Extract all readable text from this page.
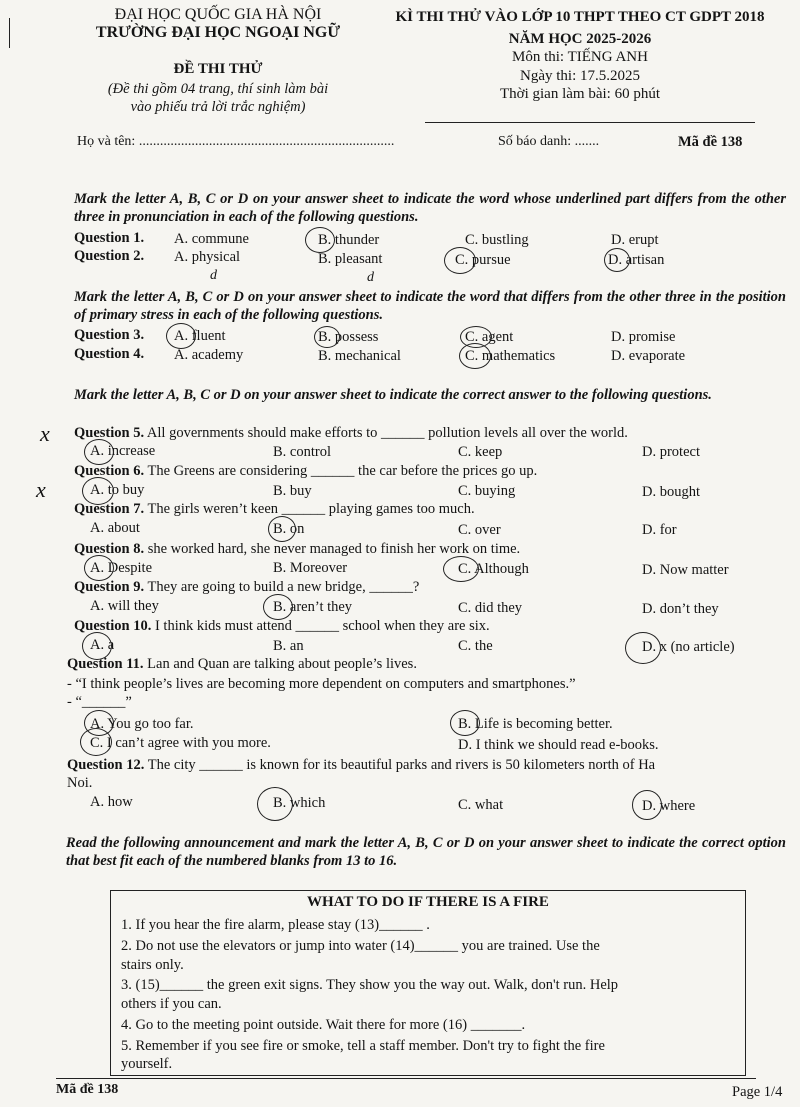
ĐẠI HỌC QUỐC GIA HÀ NỘI
TRƯỜNG ĐẠI HỌC NGOẠI NGỮ
ĐỀ THI THỬ
(Đề thi gồm 04 trang, thí sinh làm bài
vào phiếu trả lời trắc nghiệm)
KÌ THI THỬ VÀO LỚP 10 THPT THEO CT GDPT 2018
NĂM HỌC 2025-2026
Môn thi: TIẾNG ANH
Ngày thi: 17.5.2025
Thời gian làm bài: 60 phút
Họ và tên: .........................................................................	Số báo danh: .......	Mã đề 138
Mark the letter A, B, C or D on your answer sheet to indicate the word whose underlined part differs from the other three in pronunciation in each of the following questions.
Question 1. A. commune	B. thunder	C. bustling	D. erupt
Question 2. A. physical	B. pleasant	C. pursue	D. artisan
d	d
Mark the letter A, B, C or D on your answer sheet to indicate the word that differs from the other three in the position of primary stress in each of the following questions.
Question 3. A. fluent	B. possess	C. agent	D. promise
Question 4. A. academy	B. mechanical	C. mathematics	D. evaporate
Mark the letter A, B, C or D on your answer sheet to indicate the correct answer to the following questions.
x Question 5. All governments should make efforts to ______ pollution levels all over the world.
A. increase	B. control	C. keep	D. protect
x
Question 6. The Greens are considering ______ the car before the prices go up.
A. to buy	B. buy	C. buying	D. bought
Question 7. The girls weren’t keen ______ playing games too much.
A. about	B. on	C. over	D. for
Question 8. she worked hard, she never managed to finish her work on time.
A. Despite	B. Moreover	C. Although	D. Now matter
Question 9. They are going to build a new bridge, ______?
A. will they	B. aren’t they	C. did they	D. don’t they
Question 10. I think kids must attend ______ school when they are six.
A. a	B. an	C. the	D. x (no article)
Question 11. Lan and Quan are talking about people’s lives.
- “I think people’s lives are becoming more dependent on computers and smartphones.”
- “______”
A. You go too far.	B. Life is becoming better.
C. I can’t agree with you more.	D. I think we should read e-books.
Question 12. The city ______ is known for its beautiful parks and rivers is 50 kilometers north of Ha
Noi.
A. how	B. which	C. what	D. where
Read the following announcement and mark the letter A, B, C or D on your answer sheet to indicate the correct option that best fit each of the numbered blanks from 13 to 16.
WHAT TO DO IF THERE IS A FIRE
1. If you hear the fire alarm, please stay (13)______ .
2. Do not use the elevators or jump into water (14)______ you are trained. Use the
stairs only.
3. (15)______ the green exit signs. They show you the way out. Walk, don't run. Help
others if you can.
4. Go to the meeting point outside. Wait there for more (16) _______.
5. Remember if you see fire or smoke, tell a staff member. Don't try to fight the fire
yourself.
Mã đề 138	Page 1/4
